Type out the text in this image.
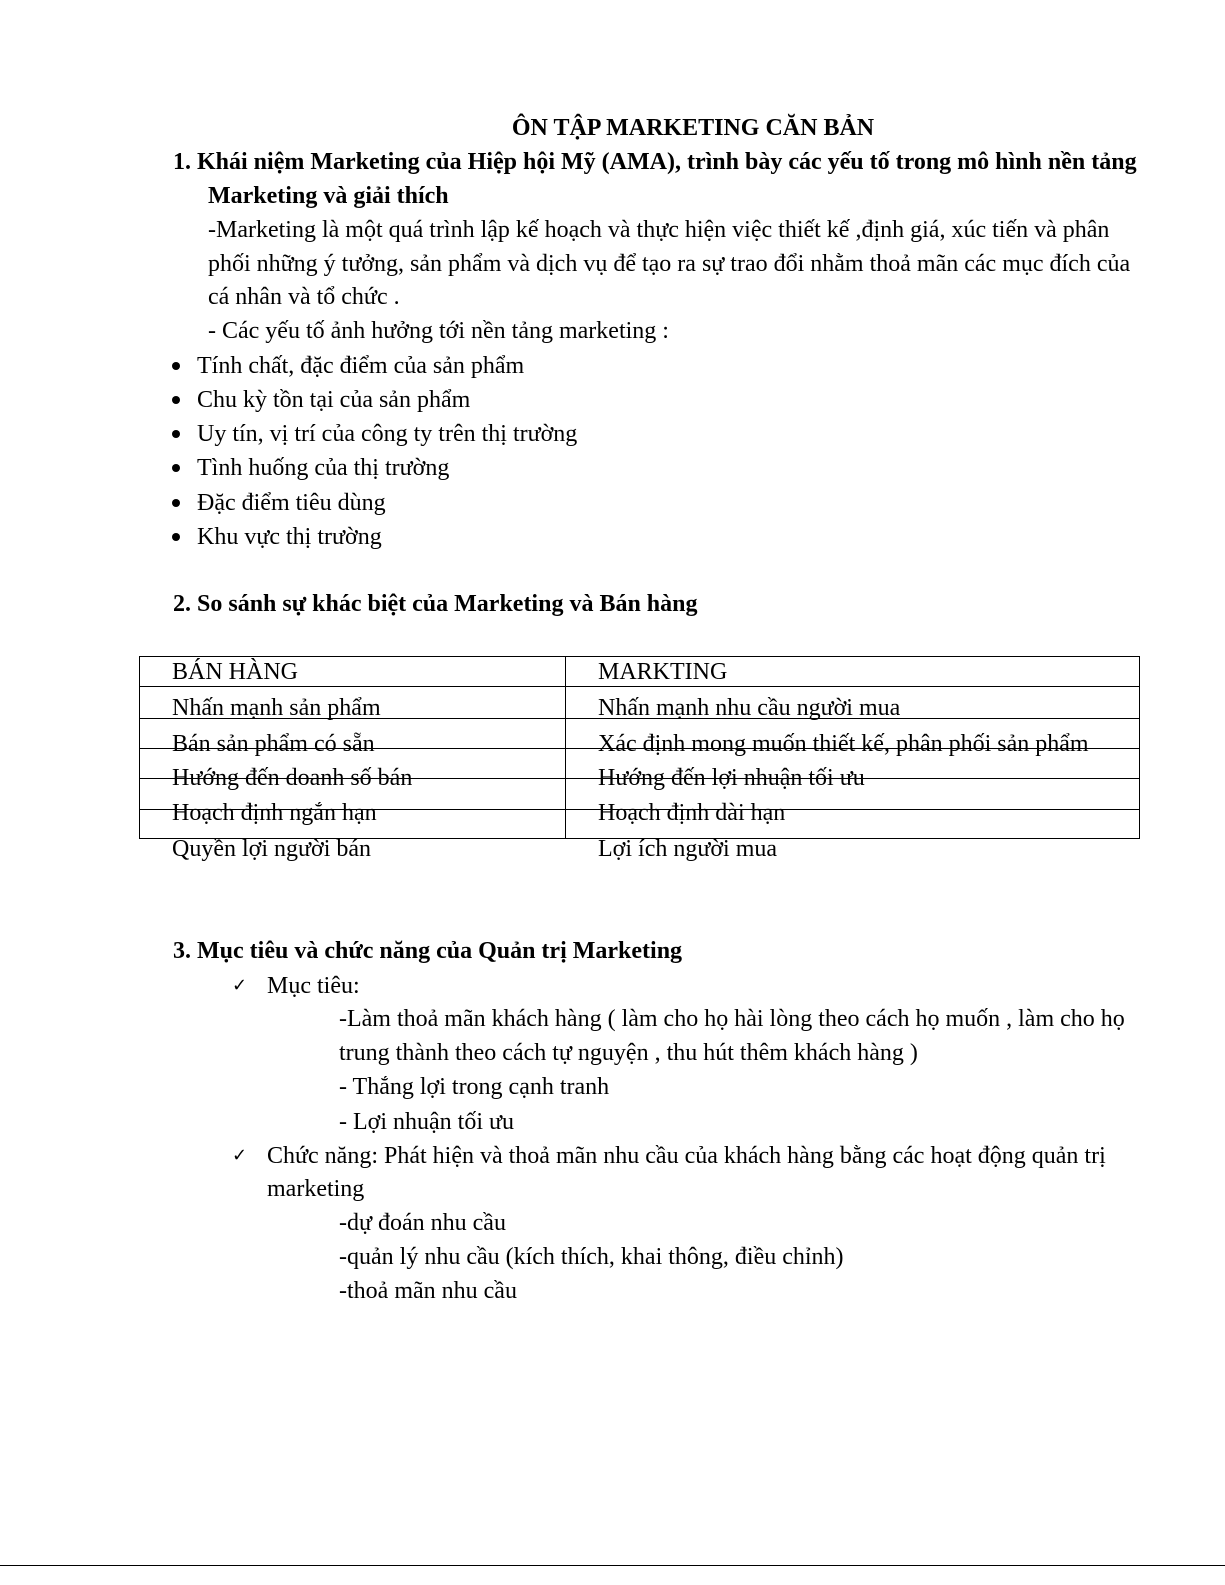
ÔN TẬP MARKETING CĂN BẢN
1. Khái niệm Marketing của Hiệp hội Mỹ (AMA), trình bày các yếu tố trong mô hình nền tảng
Marketing và giải thích
-Marketing là một quá trình lập kế hoạch và thực hiện việc thiết kế ,định giá, xúc tiến và phân
phối những ý tưởng, sản phẩm và dịch vụ để tạo ra sự trao đổi nhằm thoả mãn các mục đích của
cá nhân và tổ chức .
- Các yếu tố ảnh hưởng tới nền tảng marketing :
Tính chất, đặc điểm của sản phẩm
Chu kỳ tồn tại của sản phẩm
Uy tín, vị trí của công ty trên thị trường
Tình huống của thị trường
Đặc điểm tiêu dùng
Khu vực thị trường
2. So sánh sự khác biệt của Marketing và Bán hàng
BÁN HÀNG	MARKTING
Nhấn mạnh sản phẩm	Nhấn mạnh nhu cầu người mua
Bán sản phẩm có sẵn	Xác định mong muốn thiết kế, phân phối sản phẩm
Hướng đến doanh số bán	Hướng đến lợi nhuận tối ưu
Hoạch định ngắn hạn	Hoạch định dài hạn
Quyền lợi người bán	Lợi ích người mua
3. Mục tiêu và chức năng của Quản trị Marketing
✓ Mục tiêu:
-Làm thoả mãn khách hàng ( làm cho họ hài lòng theo cách họ muốn , làm cho họ
trung thành theo cách tự nguyện , thu hút thêm khách hàng )
- Thắng lợi trong cạnh tranh
- Lợi nhuận tối ưu
✓ Chức năng: Phát hiện và thoả mãn nhu cầu của khách hàng bằng các hoạt động quản trị
marketing
-dự đoán nhu cầu
-quản lý nhu cầu (kích thích, khai thông, điều chỉnh)
-thoả mãn nhu cầu
